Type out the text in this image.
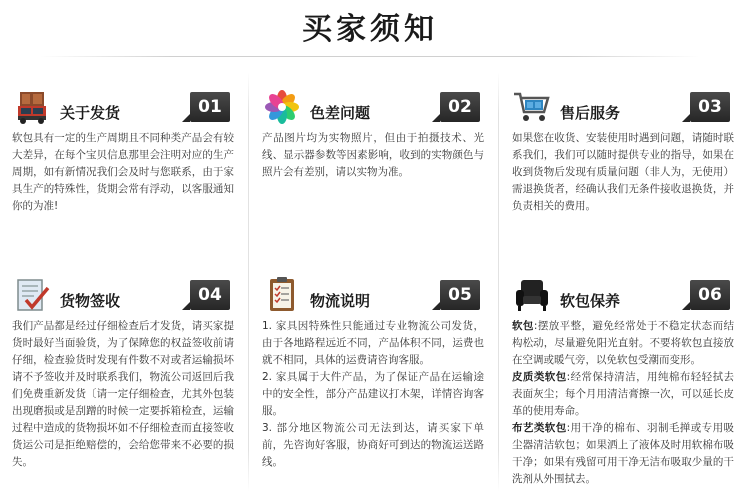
买家须知
关于发货	01

软包具有一定的生产周期且不同种类产品会有较大差异，在每个宝贝信息那里会注明对应的生产周期，如有新情况我们会及时与您联系，由于家具生产的特殊性，货期会常有浮动，以客服通知你的为准!

色差问题	02

产品图片均为实物照片，但由于拍摄技术、光线、显示器参数等因素影响，收到的实物颜色与照片会有差别，请以实物为准。

售后服务	03

如果您在收货、安装使用时遇到问题，请随时联系我们，我们可以随时提供专业的指导，如果在收到货物后发现有质量问题（非人为，无使用）需退换货者，经确认我们无条件接收退换货，并负责相关的费用。

货物签收	04

我们产品都是经过仔细检查后才发货，请买家提货时最好当面验货，为了保障您的权益签收前请仔细，检查验货时发现有件数不对或者运输损坏请不予签收并及时联系我们，物流公司返回后我们免费重新发货〔请一定仔细检查，尤其外包装出现磨损或是刮蹭的时候一定要拆箱检查，运输过程中造成的货物损坏如不仔细检查而直接签收货运公司是拒绝赔偿的，会给您带来不必要的损失。

物流说明	05

1. 家具因特殊性只能通过专业物流公司发货，由于各地路程远近不同，产品体积不同，运费也就不相同，具体的运费请咨询客服。

2. 家具属于大件产品，为了保证产品在运输途中的安全性，部分产品建议打木架，详情咨询客服。

3. 部分地区物流公司无法到达，请买家下单前，先咨询好客服，协商好可到达的物流运送路线。

软包保养	06

软包:摆放平整，避免经常处于不稳定状态而结构松动，尽量避免阳光直射。不要将软包直接放在空调或暖气旁，以免软包受潮而变形。

皮质类软包:经常保持清洁，用纯棉布轻轻拭去表面灰尘；每个月用清洁膏擦一次，可以延长皮革的使用寿命。

布艺类软包:用干净的棉布、羽制毛掸或专用吸尘器清洁软包；如果洒上了液体及时用软棉布吸干净；如果有残留可用干净无洁布吸取少量的干洗剂从外围拭去。
